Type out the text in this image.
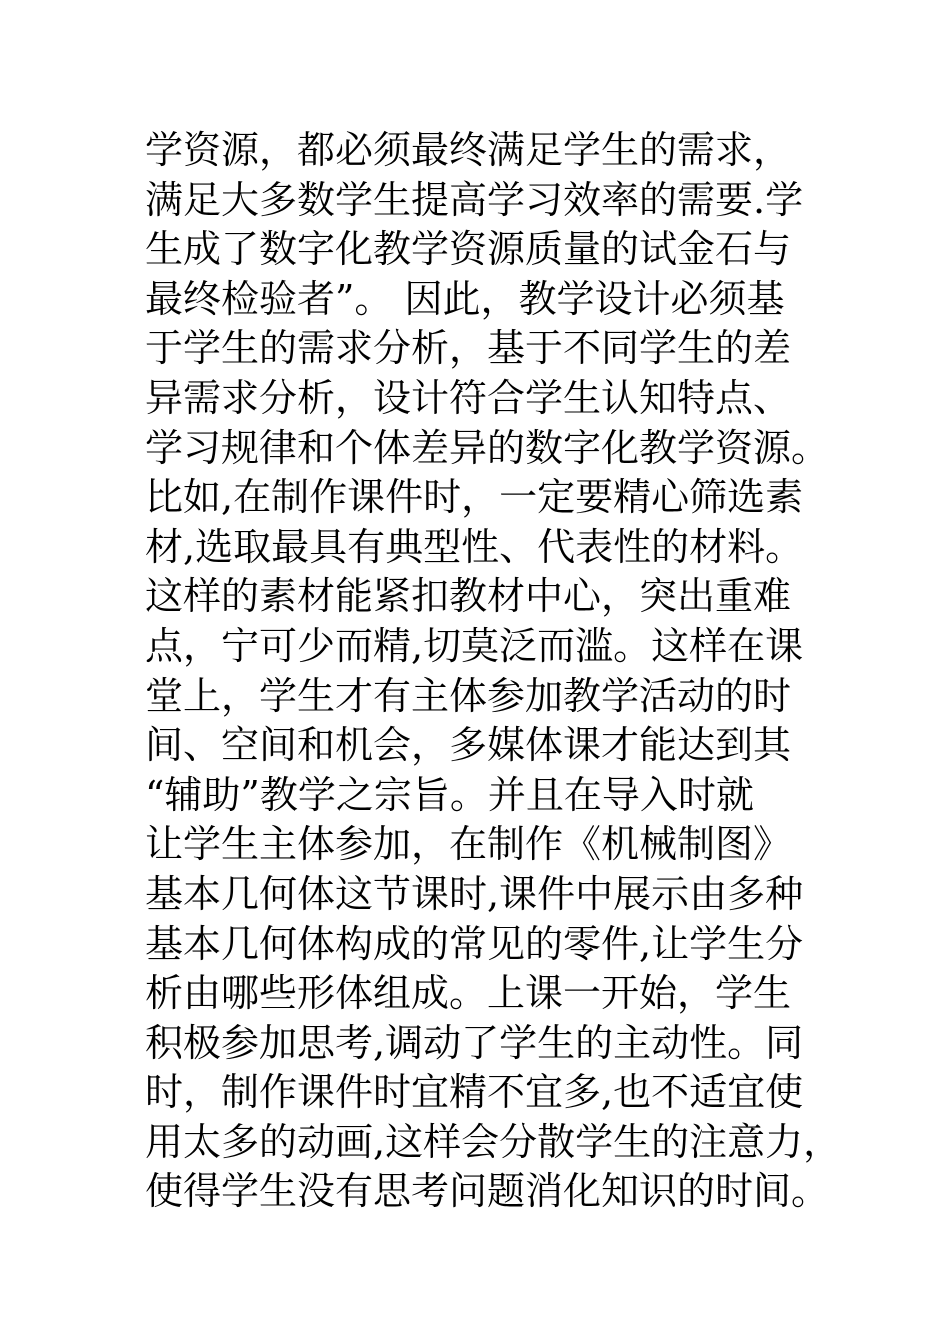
学资源，都必须最终满足学生的需求，
满足大多数学生提高学习效率的需要.学
生成了数字化教学资源质量的试金石与
最终检验者”。 因此，教学设计必须基
于学生的需求分析，基于不同学生的差
异需求分析，设计符合学生认知特点、
学习规律和个体差异的数字化教学资源。
比如,在制作课件时，一定要精心筛选素
材,选取最具有典型性、代表性的材料。
这样的素材能紧扣教材中心，突出重难
点，宁可少而精,切莫泛而滥。这样在课
堂上，学生才有主体参加教学活动的时
间、空间和机会，多媒体课才能达到其
“辅助”教学之宗旨。并且在导入时就
让学生主体参加，在制作《机械制图》
基本几何体这节课时,课件中展示由多种
基本几何体构成的常见的零件,让学生分
析由哪些形体组成。上课一开始，学生
积极参加思考,调动了学生的主动性。同
时，制作课件时宜精不宜多,也不适宜使
用太多的动画,这样会分散学生的注意力，
使得学生没有思考问题消化知识的时间。
